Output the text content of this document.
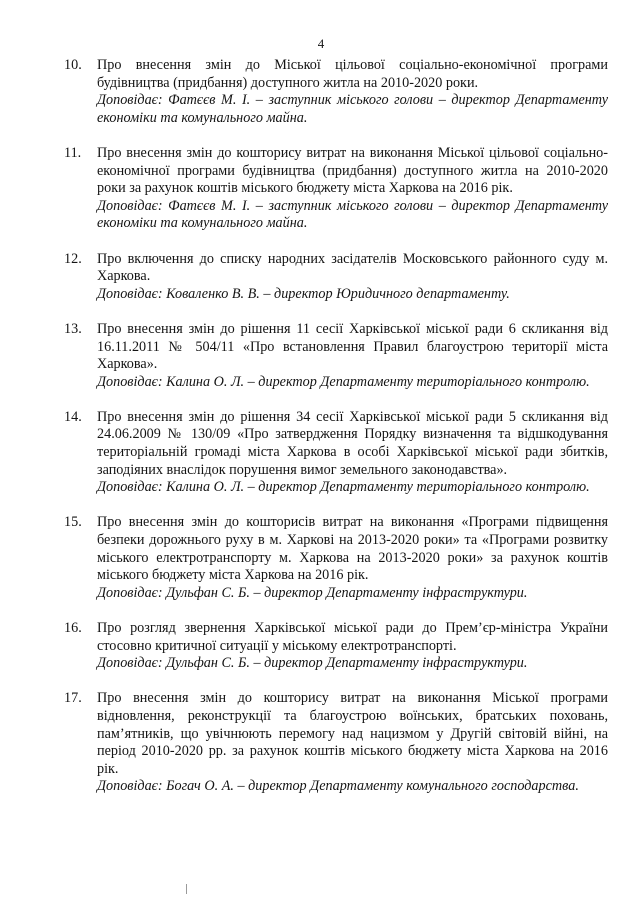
4
10.	Про внесення змін до Міської цільової соціально-економічної програми будівництва (придбання) доступного житла на 2010-2020 роки.

Доповідає: Фатєєв М. І. – заступник міського голови – директор Департаменту економіки та комунального майна.

11.	Про внесення змін до кошторису витрат на виконання Міської цільової соціально-економічної програми будівництва (придбання) доступного житла на 2010-2020 роки за рахунок коштів міського бюджету міста Харкова на 2016 рік.

Доповідає: Фатєєв М. І. – заступник міського голови – директор Департаменту економіки та комунального майна.

12.	Про включення до списку народних засідателів Московського районного суду м. Харкова.

Доповідає: Коваленко В. В. – директор Юридичного департаменту.

13.	Про внесення змін до рішення 11 сесії Харківської міської ради 6 скликання від 16.11.2011 № 504/11 «Про встановлення Правил благоустрою території міста Харкова».

Доповідає: Калина О. Л. – директор Департаменту територіального контролю.

14.	Про внесення змін до рішення 34 сесії Харківської міської ради 5 скликання від 24.06.2009 № 130/09 «Про затвердження Порядку визначення та відшкодування територіальній громаді міста Харкова в особі Харківської міської ради збитків, заподіяних внаслідок порушення вимог земельного законодавства».

Доповідає: Калина О. Л. – директор Департаменту територіального контролю.

15.	Про внесення змін до кошторисів витрат на виконання «Програми підвищення безпеки дорожнього руху в м. Харкові на 2013-2020 роки» та «Програми розвитку міського електротранспорту м. Харкова на 2013-2020 роки» за рахунок коштів міського бюджету міста Харкова на 2016 рік.

Доповідає: Дульфан С. Б. – директор Департаменту інфраструктури.

16.	Про розгляд звернення Харківської міської ради до Прем’єр-міністра України стосовно критичної ситуації у міському електротранспорті.

Доповідає: Дульфан С. Б. – директор Департаменту інфраструктури.

17.	Про внесення змін до кошторису витрат на виконання Міської програми відновлення, реконструкції та благоустрою воїнських, братських поховань, пам’ятників, що увічнюють перемогу над нацизмом у Другій світовій війні, на період 2010-2020 рр. за рахунок коштів міського бюджету міста Харкова на 2016 рік.

Доповідає: Богач О. А. – директор Департаменту комунального господарства.
